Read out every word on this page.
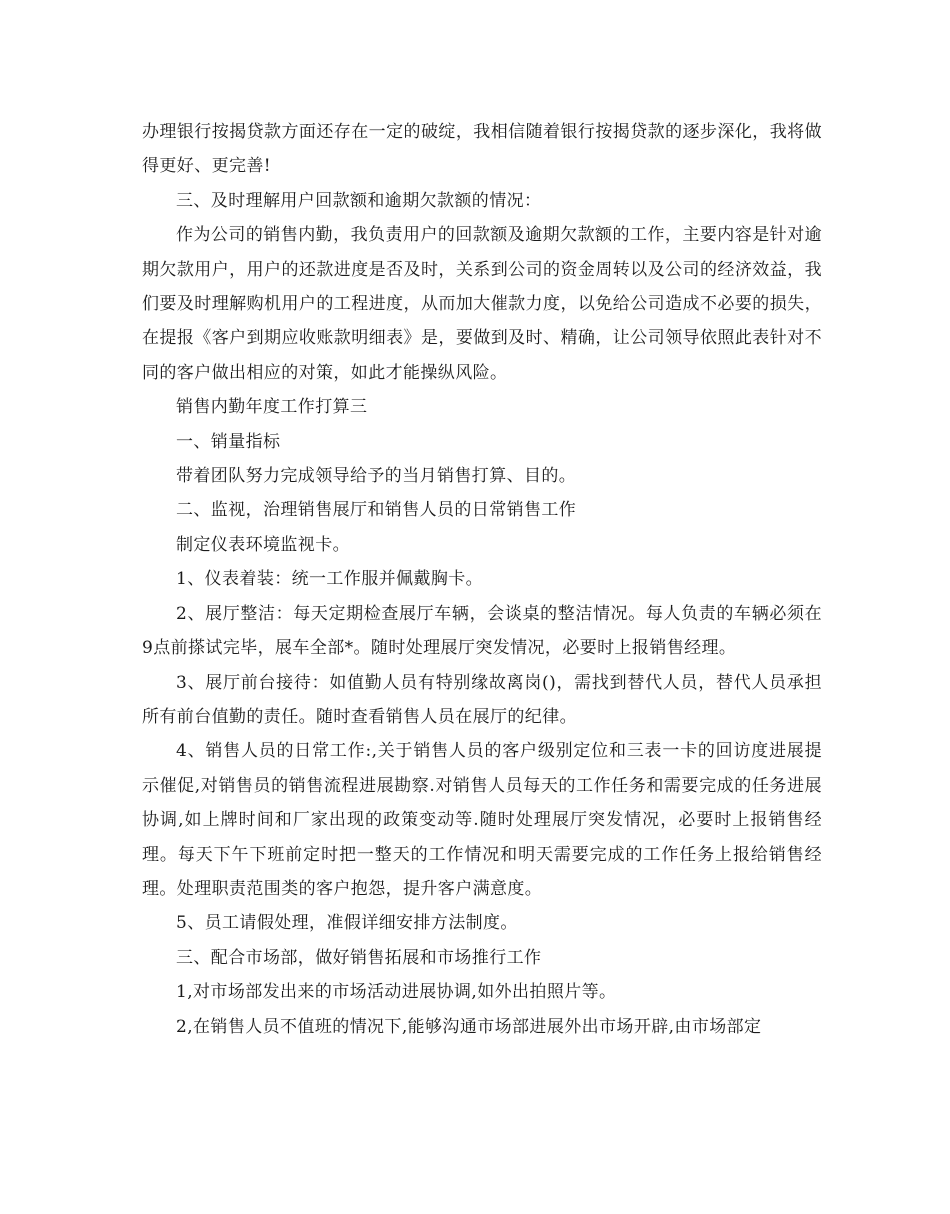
办理银行按揭贷款方面还存在一定的破绽，我相信随着银行按揭贷款的逐步深化，我将做得更好、更完善!

三、及时理解用户回款额和逾期欠款额的情况：

作为公司的销售内勤，我负责用户的回款额及逾期欠款额的工作，主要内容是针对逾期欠款用户，用户的还款进度是否及时，关系到公司的资金周转以及公司的经济效益，我们要及时理解购机用户的工程进度，从而加大催款力度，以免给公司造成不必要的损失，在提报《客户到期应收账款明细表》是，要做到及时、精确，让公司领导依照此表针对不同的客户做出相应的对策，如此才能操纵风险。

销售内勤年度工作打算三

一、销量指标

带着团队努力完成领导给予的当月销售打算、目的。

二、监视，治理销售展厅和销售人员的日常销售工作

制定仪表环境监视卡。

1、仪表着装：统一工作服并佩戴胸卡。

2、展厅整洁：每天定期检查展厅车辆，会谈桌的整洁情况。每人负责的车辆必须在9点前搽试完毕，展车全部*。随时处理展厅突发情况，必要时上报销售经理。

3、展厅前台接待：如值勤人员有特别缘故离岗()，需找到替代人员，替代人员承担所有前台值勤的责任。随时查看销售人员在展厅的纪律。

4、销售人员的日常工作:,关于销售人员的客户级别定位和三表一卡的回访度进展提示催促,对销售员的销售流程进展勘察.对销售人员每天的工作任务和需要完成的任务进展协调,如上牌时间和厂家出现的政策变动等.随时处理展厅突发情况，必要时上报销售经理。每天下午下班前定时把一整天的工作情况和明天需要完成的工作任务上报给销售经理。处理职责范围类的客户抱怨，提升客户满意度。

5、员工请假处理，准假详细安排方法制度。

三、配合市场部，做好销售拓展和市场推行工作

1,对市场部发出来的市场活动进展协调,如外出拍照片等。

2,在销售人员不值班的情况下,能够沟通市场部进展外出市场开辟,由市场部定
